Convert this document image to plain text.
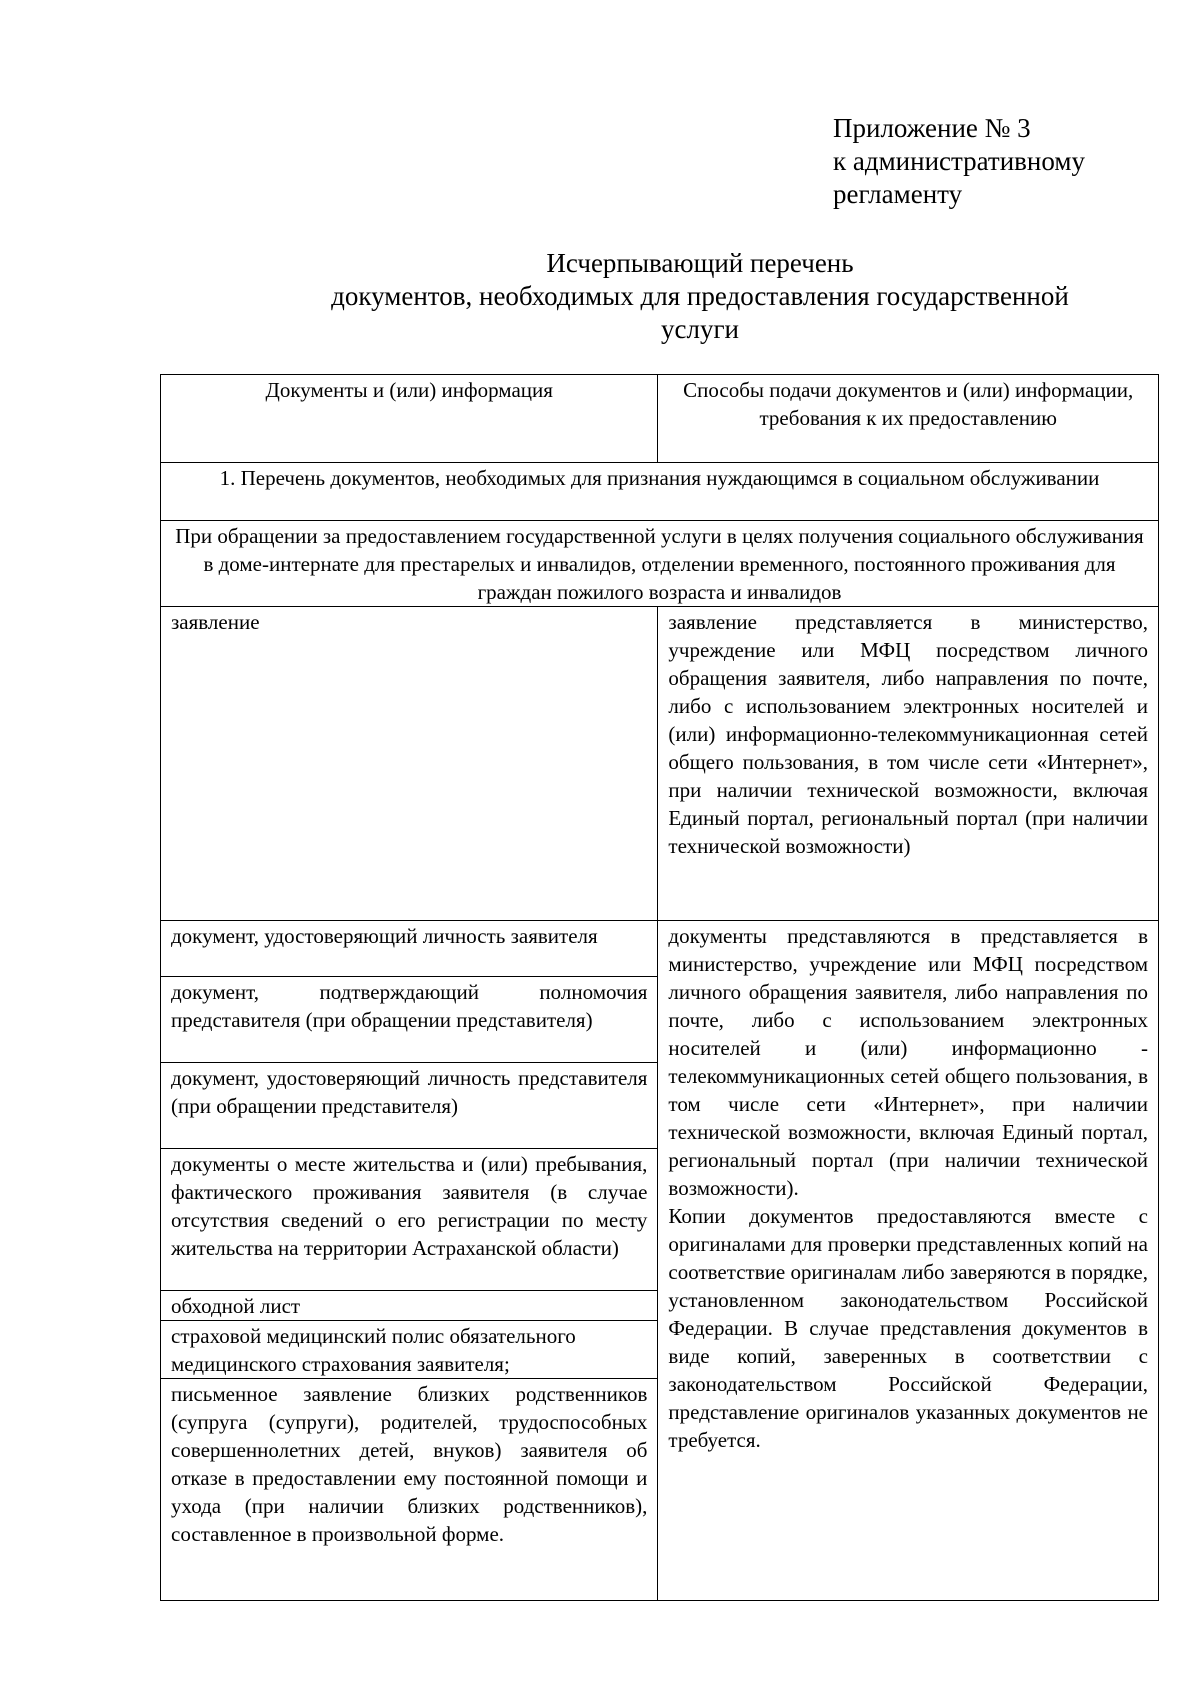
Приложение № 3
к административному
регламенту
Исчерпывающий перечень
документов, необходимых для предоставления государственной
услуги
Документы и (или) информация	Способы подачи документов и (или) информации, требования к их предоставлению
1. Перечень документов, необходимых для признания нуждающимся в социальном обслуживании	
При обращении за предоставлением государственной услуги в целях получения социального обслуживания в доме-интернате для престарелых и инвалидов, отделении временного, постоянного проживания для граждан пожилого возраста и инвалидов	
заявление	заявление представляется в министерство, учреждение или МФЦ посредством личного обращения заявителя, либо направления по почте, либо с использованием электронных носителей и (или) информационно-телекоммуникационная сетей общего пользования, в том числе сети «Интернет», при наличии технической возможности, включая Единый портал, региональный портал (при наличии технической возможности)
документ, удостоверяющий личность заявителя	документы представляются в представляется в министерство, учреждение или МФЦ посредством личного обращения заявителя, либо направления по почте, либо с использованием электронных носителей и (или) информационно - телекоммуникационных сетей общего пользования, в том числе сети «Интернет», при наличии технической возможности, включая Единый портал, региональный портал (при наличии технической возможности).
Копии документов предоставляются вместе с оригиналами для проверки представленных копий на соответствие оригиналам либо заверяются в порядке, установленном законодательством Российской Федерации. В случае представления документов в виде копий, заверенных в соответствии с законодательством Российской Федерации, представление оригиналов указанных документов не требуется.

документ, подтверждающий полномочия представителя (при обращении представителя)	
документ, удостоверяющий личность представителя (при обращении представителя)	
документы о месте жительства и (или) пребывания, фактического проживания заявителя (в случае отсутствия сведений о его регистрации по месту жительства на территории Астраханской области)	
обходной лист	
страховой медицинский полис обязательного медицинского страхования заявителя;	
письменное заявление близких родственников (супруга (супруги), родителей, трудоспособных совершеннолетних детей, внуков) заявителя об отказе в предоставлении ему постоянной помощи и ухода (при наличии близких родственников), составленное в произвольной форме.	
